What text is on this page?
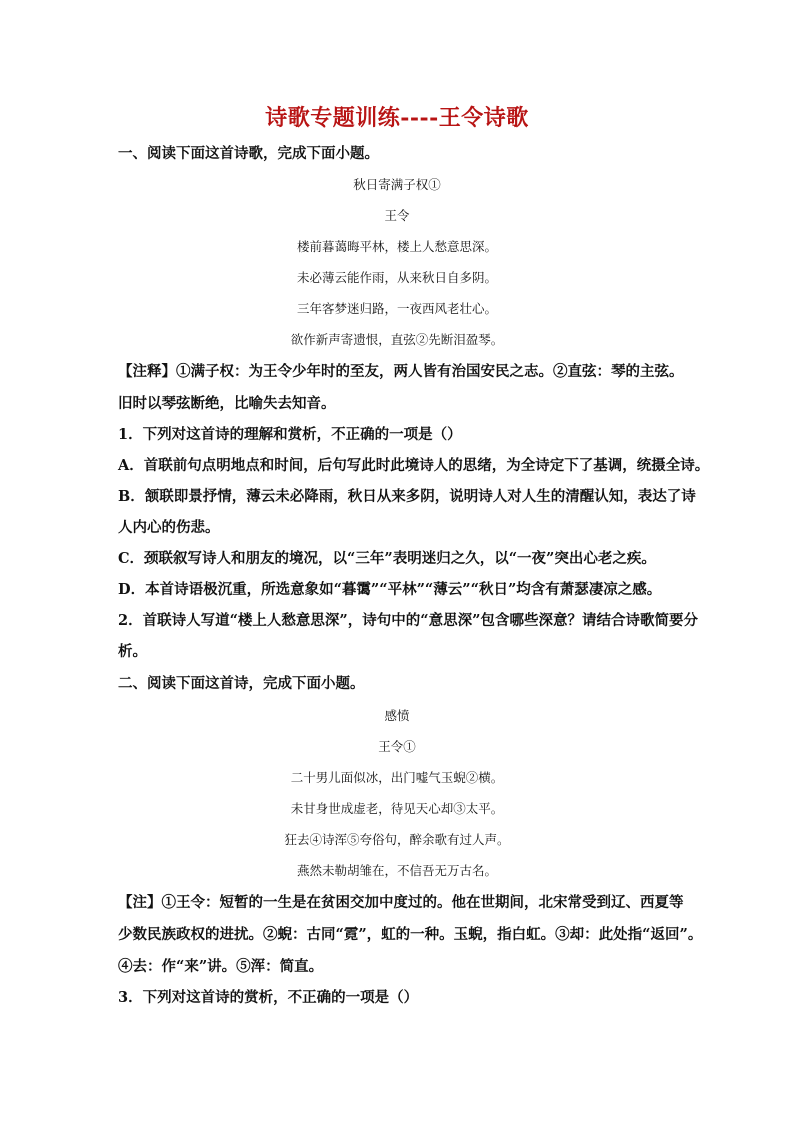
诗歌专题训练----王令诗歌
一、阅读下面这首诗歌，完成下面小题。
秋日寄满子权①
王令
楼前暮蔼晦平林，楼上人愁意思深。
未必薄云能作雨，从来秋日自多阴。
三年客梦迷归路，一夜西风老壮心。
欲作新声寄遗恨，直弦②先断泪盈琴。
【注释】①满子权：为王令少年时的至友，两人皆有治国安民之志。②直弦：琴的主弦。
旧时以琴弦断绝，比喻失去知音。
1．下列对这首诗的理解和赏析，不正确的一项是（）
A．首联前句点明地点和时间，后句写此时此境诗人的思绪，为全诗定下了基调，统摄全诗。
B．颔联即景抒情，薄云未必降雨，秋日从来多阴，说明诗人对人生的清醒认知，表达了诗
人内心的伤悲。
C．颈联叙写诗人和朋友的境况，以“三年”表明迷归之久，以“一夜”突出心老之疾。
D．本首诗语极沉重，所选意象如“暮霭”“平林”“薄云”“秋日”均含有萧瑟凄凉之感。
2．首联诗人写道“楼上人愁意思深”，诗句中的“意思深”包含哪些深意？请结合诗歌简要分
析。
二、阅读下面这首诗，完成下面小题。
感愤
王令①
二十男儿面似冰，出门嘘气玉蜺②横。
未甘身世成虚老，待见天心却③太平。
狂去④诗浑⑤夸俗句，醉余歌有过人声。
燕然未勒胡雏在，不信吾无万古名。
【注】①王令：短暂的一生是在贫困交加中度过的。他在世期间，北宋常受到辽、西夏等
少数民族政权的进扰。②蜺：古同“霓”，虹的一种。玉蜺，指白虹。③却：此处指“返回”。
④去：作“来”讲。⑤浑：简直。
3．下列对这首诗的赏析，不正确的一项是（）
